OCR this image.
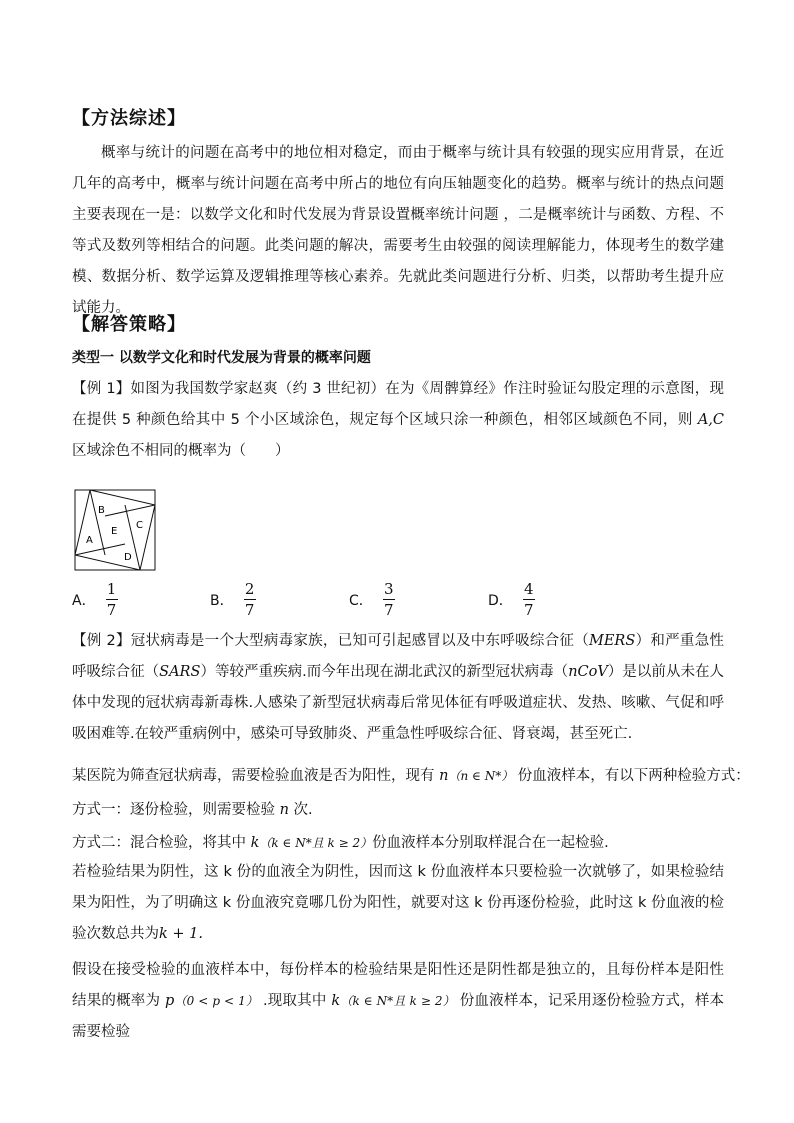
【方法综述】
概率与统计的问题在高考中的地位相对稳定，而由于概率与统计具有较强的现实应用背景，在近几年的高考中，概率与统计问题在高考中所占的地位有向压轴题变化的趋势。概率与统计的热点问题主要表现在一是：以数学文化和时代发展为背景设置概率统计问题 ，二是概率统计与函数、方程、不等式及数列等相结合的问题。此类问题的解决，需要考生由较强的阅读理解能力，体现考生的数学建模、数据分析、数学运算及逻辑推理等核心素养。先就此类问题进行分析、归类，以帮助考生提升应试能力。
【解答策略】
类型一 以数学文化和时代发展为背景的概率问题
【例 1】如图为我国数学家赵爽（约 3 世纪初）在为《周髀算经》作注时验证勾股定理的示意图，现在提供 5 种颜色给其中 5 个小区域涂色，规定每个区域只涂一种颜色，相邻区域颜色不同，则 A,C 区域涂色不相同的概率为（　　）
A
B
C
D
E
A． $\frac{1}{7}$	B． $\frac{2}{7}$	C． $\frac{3}{7}$	D． $\frac{4}{7}$
【例 2】冠状病毒是一个大型病毒家族，已知可引起感冒以及中东呼吸综合征（MERS）和严重急性呼吸综合征（SARS）等较严重疾病.而今年出现在湖北武汉的新型冠状病毒（nCoV）是以前从未在人体中发现的冠状病毒新毒株.人感染了新型冠状病毒后常见体征有呼吸道症状、发热、咳嗽、气促和呼吸困难等.在较严重病例中，感染可导致肺炎、严重急性呼吸综合征、肾衰竭，甚至死亡.
某医院为筛查冠状病毒，需要检验血液是否为阳性，现有 n（n ∈ N*） 份血液样本，有以下两种检验方式：
方式一：逐份检验，则需要检验 n 次.
方式二：混合检验，将其中 k（k ∈ N*且 k ≥ 2）份血液样本分别取样混合在一起检验.
若检验结果为阴性，这 k 份的血液全为阴性，因而这 k 份血液样本只要检验一次就够了，如果检验结果为阳性，为了明确这 k 份血液究竟哪几份为阳性，就要对这 k 份再逐份检验，此时这 k 份血液的检验次数总共为k + 1.
假设在接受检验的血液样本中，每份样本的检验结果是阳性还是阴性都是独立的，且每份样本是阳性结果的概率为 p（0 < p < 1） .现取其中 k（k ∈ N*且 k ≥ 2） 份血液样本，记采用逐份检验方式，样本需要检验
